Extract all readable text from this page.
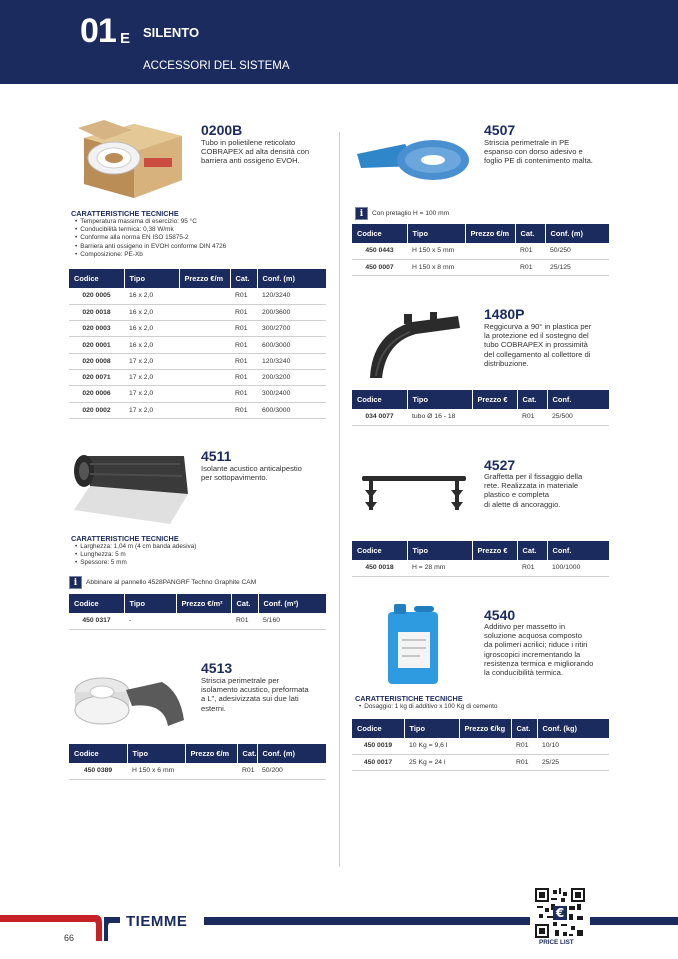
01 E SILENTO
ACCESSORI DEL SISTEMA
0200B
Tubo in polietilene reticolato
COBRAPEX ad alta densità con
barriera anti ossigeno EVOH.
CARATTERISTICHE TECNICHE
• Temperatura massima di esercizio: 95 °C
• Conducibilità termica: 0,38 W/mk
• Conforme alla norma EN ISO 15875-2
• Barriera anti ossigeno in EVOH conforme DIN 4726
• Composizione: PE-Xb
Codice	Tipo	Prezzo €/m	Cat.	Conf. (m)
020 0005	16 x 2,0		R01	120/3240
020 0018	16 x 2,0		R01	200/3600
020 0003	16 x 2,0		R01	300/2700
020 0001	16 x 2,0		R01	600/3000
020 0008	17 x 2,0		R01	120/3240
020 0071	17 x 2,0		R01	200/3200
020 0006	17 x 2,0		R01	300/2400
020 0002	17 x 2,0		R01	600/3000
4511
Isolante acustico anticalpestio
per sottopavimento.
CARATTERISTICHE TECNICHE
• Larghezza: 1,04 m (4 cm banda adesiva)
• Lunghezza: 5 m
• Spessore: 5 mm
i	Abbinare al pannello 4528PANGRF Techno Graphite CAM
Codice	Tipo	Prezzo €/m²	Cat.	Conf. (m²)
450 0317	-		R01	5/160
4513
Striscia perimetrale per
isolamento acustico, preformata
a L", adesivizzata sui due lati
esterni.
Codice	Tipo	Prezzo €/m	Cat.	Conf. (m)
450 0389	H 150 x 6 mm		R01	50/200
4507
Striscia perimetrale in PE
espanso con dorso adesivo e
foglio PE di contenimento malta.
i	Con pretaglio H = 100 mm
Codice	Tipo	Prezzo €/m	Cat.	Conf. (m)
450 0443	H 150 x 5 mm		R01	50/250
450 0007	H 150 x 8 mm		R01	25/125
1480P
Reggicurva a 90° in plastica per
la protezione ed il sostegno del
tubo COBRAPEX in prossimità
del collegamento al collettore di
distribuzione.
Codice	Tipo	Prezzo €	Cat.	Conf.
034 0077	tubo Ø 16 - 18		R01	25/500
4527
Graffetta per il fissaggio della
rete. Realizzata in materiale
plastico e completa
di alette di ancoraggio.
Codice	Tipo	Prezzo €	Cat.	Conf.
450 0018	H = 28 mm		R01	100/1000
4540
Additivo per massetto in
soluzione acquosa composto
da polimeri acrilici; riduce i ritiri
igroscopici incrementando la
resistenza termica e migliorando
la conducibilità termica.
CARATTERISTICHE TECNICHE
• Dosaggio: 1 kg di additivo x 100 Kg di cemento
Codice	Tipo	Prezzo €/kg	Cat.	Conf. (kg)
450 0019	10 Kg = 9,6 l		R01	10/10
450 0017	25 Kg = 24 l		R01	25/25
TIEMME
66
€
PRICE LIST
